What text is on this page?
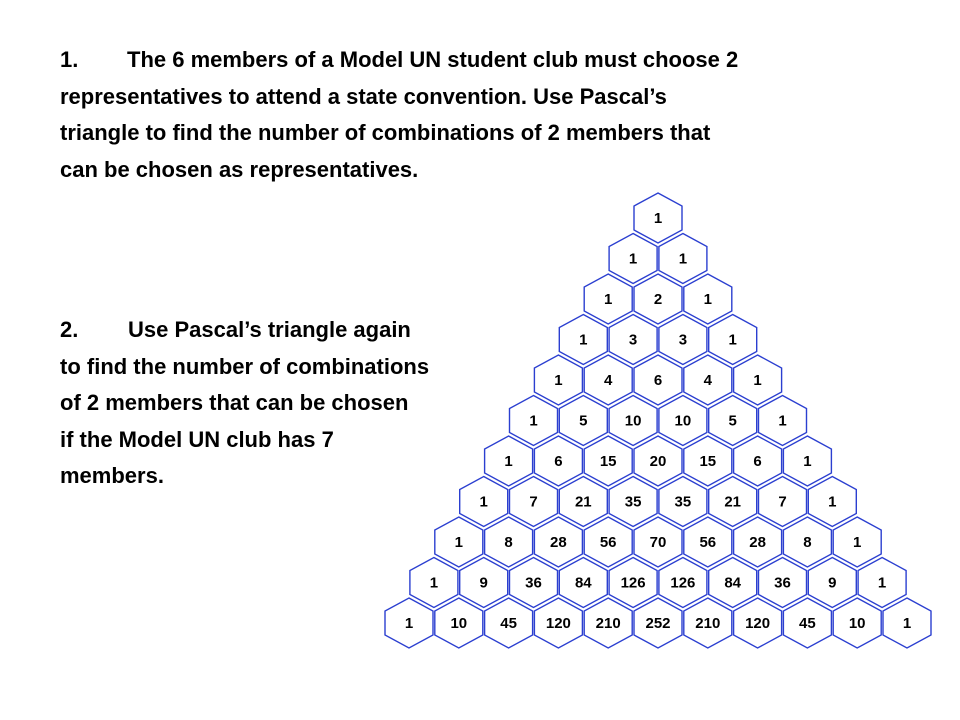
1. The 6 members of a Model UN student club must choose 2
representatives to attend a state convention. Use Pascal’s
triangle to find the number of combinations of 2 members that
can be chosen as representatives.

1
1	1
1	2	1
1	3	3	1
1	4	6	4	1
1	5 10 10 5	1
1	6 15 20 15 6	1
1	7 21 35 35 21 7	1
1	8 28 56 70 56 28 8	1
1	9 36 84 126 126 84 36 9	1
1 10 45 120 210 252 210 120 45 10 1

2. Use Pascal’s triangle again
to find the number of combinations
of 2 members that can be chosen
if the Model UN club has 7
members.
